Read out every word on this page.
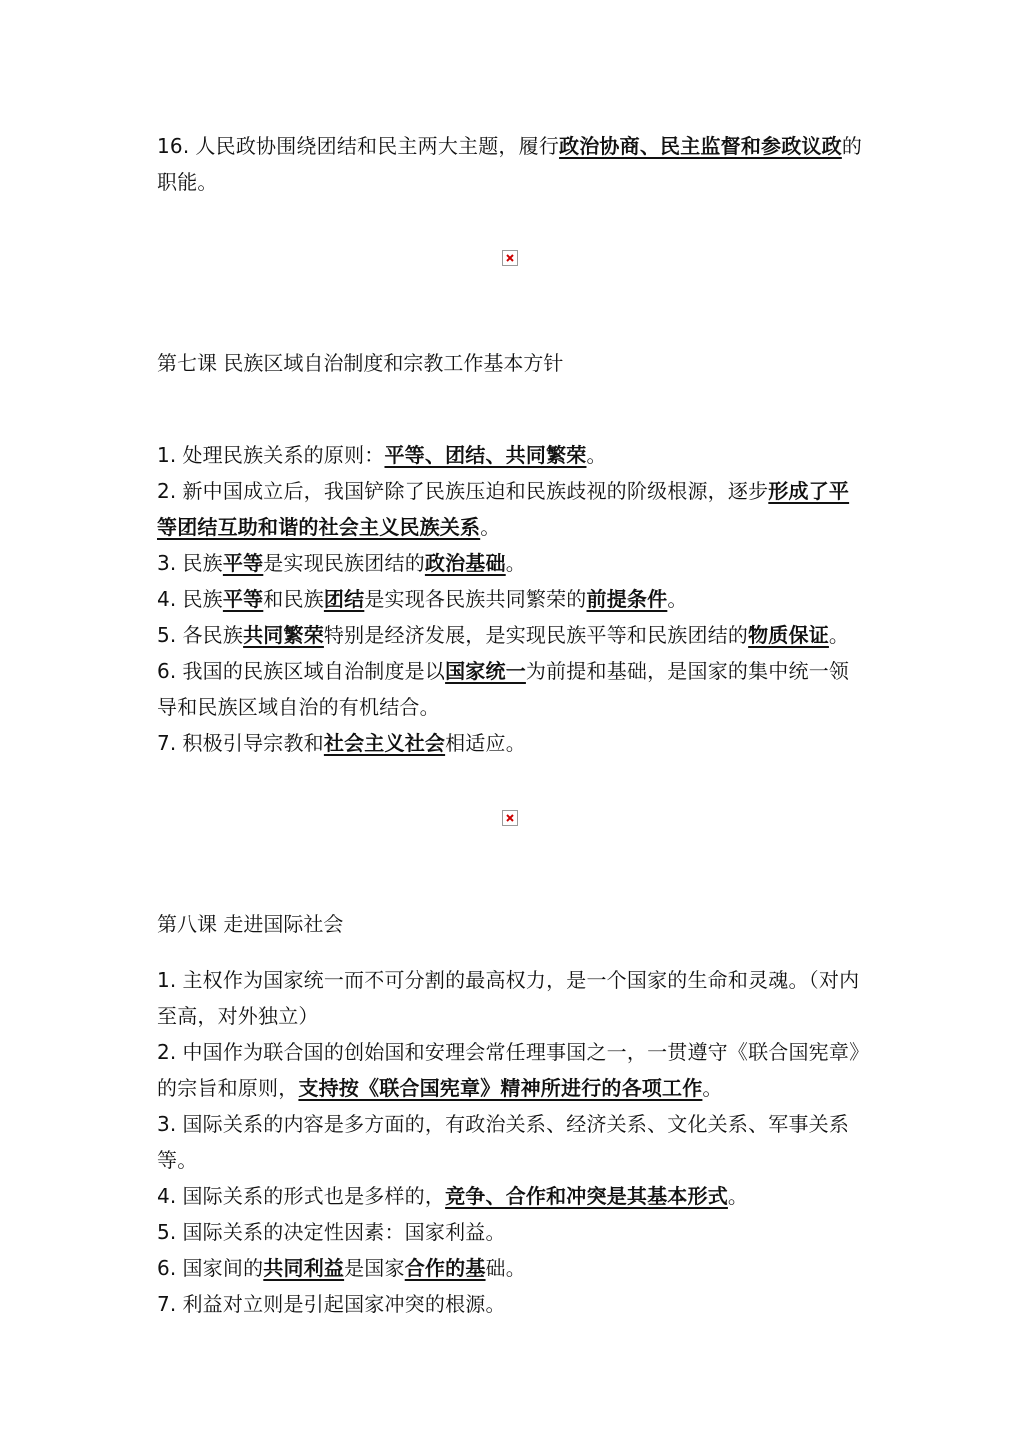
16. 人民政协围绕团结和民主两大主题，履行政治协商、民主监督和参政议政的职能。

第七课 民族区域自治制度和宗教工作基本方针

1. 处理民族关系的原则：平等、团结、共同繁荣。

2. 新中国成立后，我国铲除了民族压迫和民族歧视的阶级根源，逐步形成了平等团结互助和谐的社会主义民族关系。

3. 民族平等是实现民族团结的政治基础。

4. 民族平等和民族团结是实现各民族共同繁荣的前提条件。

5. 各民族共同繁荣特别是经济发展，是实现民族平等和民族团结的物质保证。

6. 我国的民族区域自治制度是以国家统一为前提和基础，是国家的集中统一领导和民族区域自治的有机结合。

7. 积极引导宗教和社会主义社会相适应。

第八课 走进国际社会

1. 主权作为国家统一而不可分割的最高权力，是一个国家的生命和灵魂。（对内至高，对外独立）

2. 中国作为联合国的创始国和安理会常任理事国之一，一贯遵守《联合国宪章》的宗旨和原则，支持按《联合国宪章》精神所进行的各项工作。

3. 国际关系的内容是多方面的，有政治关系、经济关系、文化关系、军事关系等。

4. 国际关系的形式也是多样的，竞争、合作和冲突是其基本形式。

5. 国际关系的决定性因素：国家利益。

6. 国家间的共同利益是国家合作的基础。

7. 利益对立则是引起国家冲突的根源。
